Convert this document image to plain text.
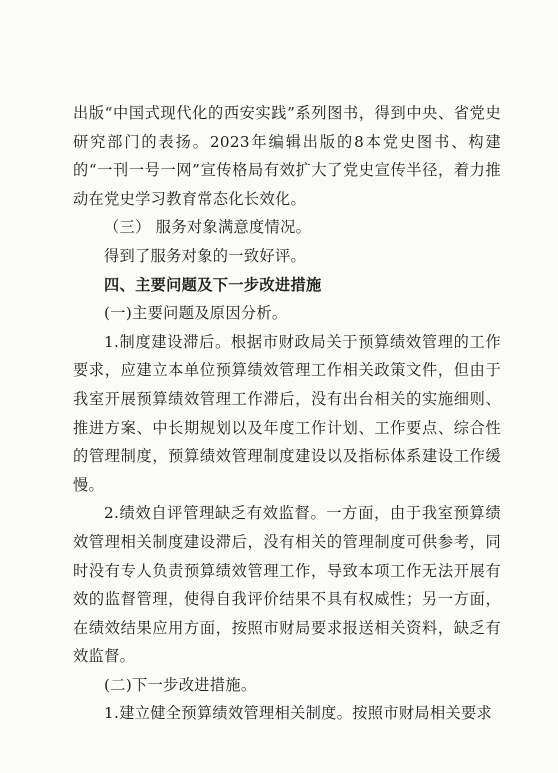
出版“中国式现代化的西安实践”系列图书，得到中央、省党史研究部门的表扬。2023年编辑出版的8本党史图书、构建的“一刊一号一网”宣传格局有效扩大了党史宣传半径，着力推动在党史学习教育常态化长效化。

（三） 服务对象满意度情况。

得到了服务对象的一致好评。

四、主要问题及下一步改进措施

(一)主要问题及原因分析。

1.制度建设滞后。根据市财政局关于预算绩效管理的工作要求，应建立本单位预算绩效管理工作相关政策文件，但由于我室开展预算绩效管理工作滞后，没有出台相关的实施细则、推进方案、中长期规划以及年度工作计划、工作要点、综合性的管理制度，预算绩效管理制度建设以及指标体系建设工作缓慢。

2.绩效自评管理缺乏有效监督。一方面，由于我室预算绩效管理相关制度建设滞后，没有相关的管理制度可供参考，同时没有专人负责预算绩效管理工作，导致本项工作无法开展有效的监督管理，使得自我评价结果不具有权威性；另一方面，在绩效结果应用方面，按照市财局要求报送相关资料，缺乏有效监督。

(二)下一步改进措施。

1.建立健全预算绩效管理相关制度。按照市财局相关要求
